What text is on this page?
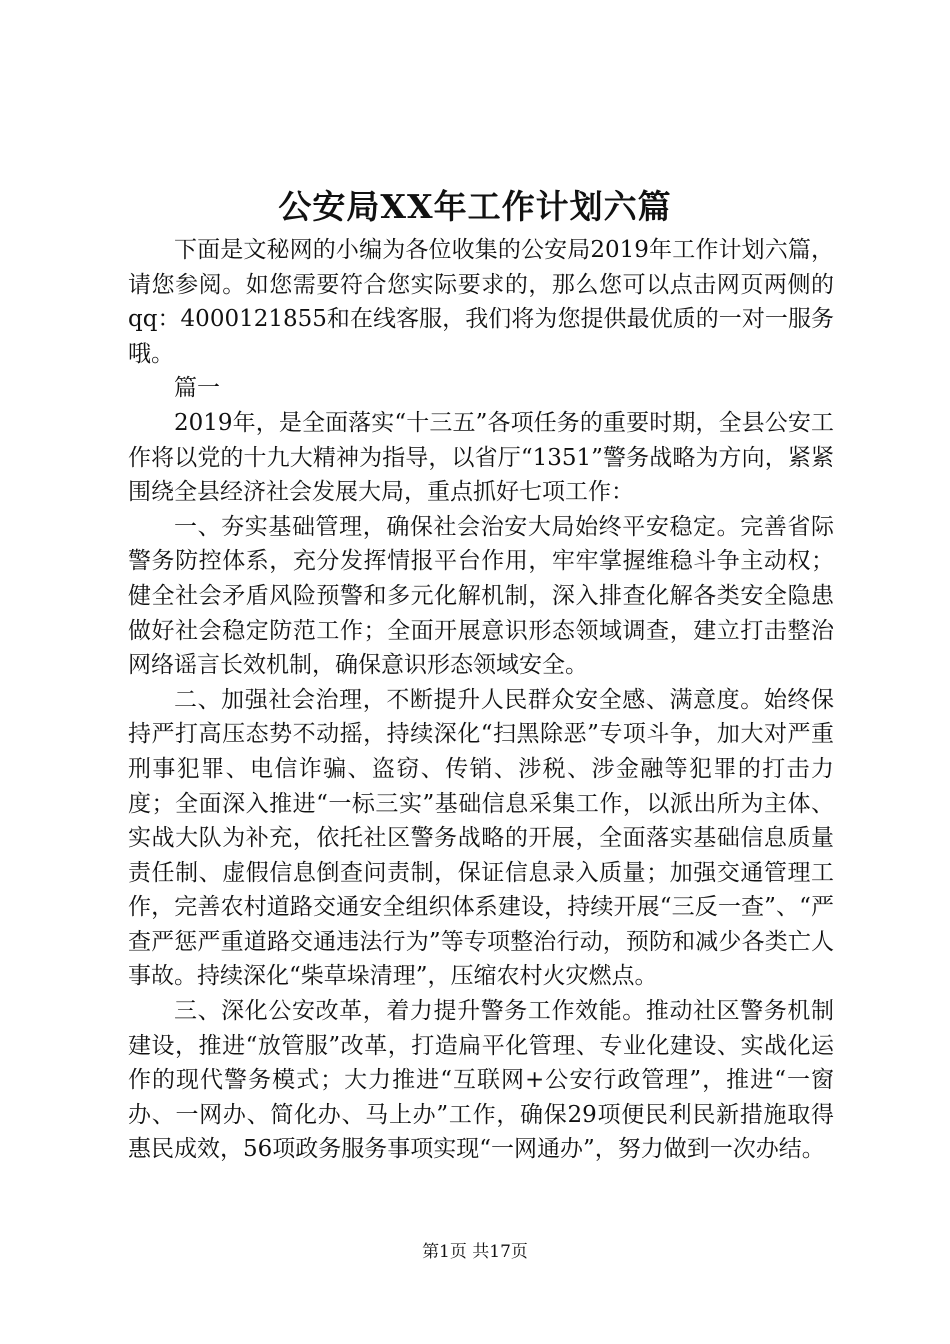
公安局XX年工作计划六篇

下面是文秘网的小编为各位收集的公安局2019年工作计划六篇，请您参阅。如您需要符合您实际要求的，那么您可以点击网页两侧的qq：4000121855和在线客服，我们将为您提供最优质的一对一服务哦。

篇一

2019年，是全面落实“十三五”各项任务的重要时期，全县公安工作将以党的十九大精神为指导，以省厅“1351”警务战略为方向，紧紧围绕全县经济社会发展大局，重点抓好七项工作：

一、夯实基础管理，确保社会治安大局始终平安稳定。完善省际警务防控体系，充分发挥情报平台作用，牢牢掌握维稳斗争主动权；健全社会矛盾风险预警和多元化解机制，深入排查化解各类安全隐患做好社会稳定防范工作；全面开展意识形态领域调查，建立打击整治网络谣言长效机制，确保意识形态领域安全。

二、加强社会治理，不断提升人民群众安全感、满意度。始终保持严打高压态势不动摇，持续深化“扫黑除恶”专项斗争，加大对严重刑事犯罪、电信诈骗、盗窃、传销、涉税、涉金融等犯罪的打击力度；全面深入推进“一标三实”基础信息采集工作，以派出所为主体、实战大队为补充，依托社区警务战略的开展，全面落实基础信息质量责任制、虚假信息倒查问责制，保证信息录入质量；加强交通管理工作，完善农村道路交通安全组织体系建设，持续开展“三反一查”、“严查严惩严重道路交通违法行为”等专项整治行动，预防和减少各类亡人事故。持续深化“柴草垛清理”，压缩农村火灾燃点。

三、深化公安改革，着力提升警务工作效能。推动社区警务机制建设，推进“放管服”改革，打造扁平化管理、专业化建设、实战化运作的现代警务模式；大力推进“互联网+公安行政管理”，推进“一窗办、一网办、简化办、马上办”工作，确保29项便民利民新措施取得惠民成效，56项政务服务事项实现“一网通办”，努力做到一次办结。

第1页 共17页
